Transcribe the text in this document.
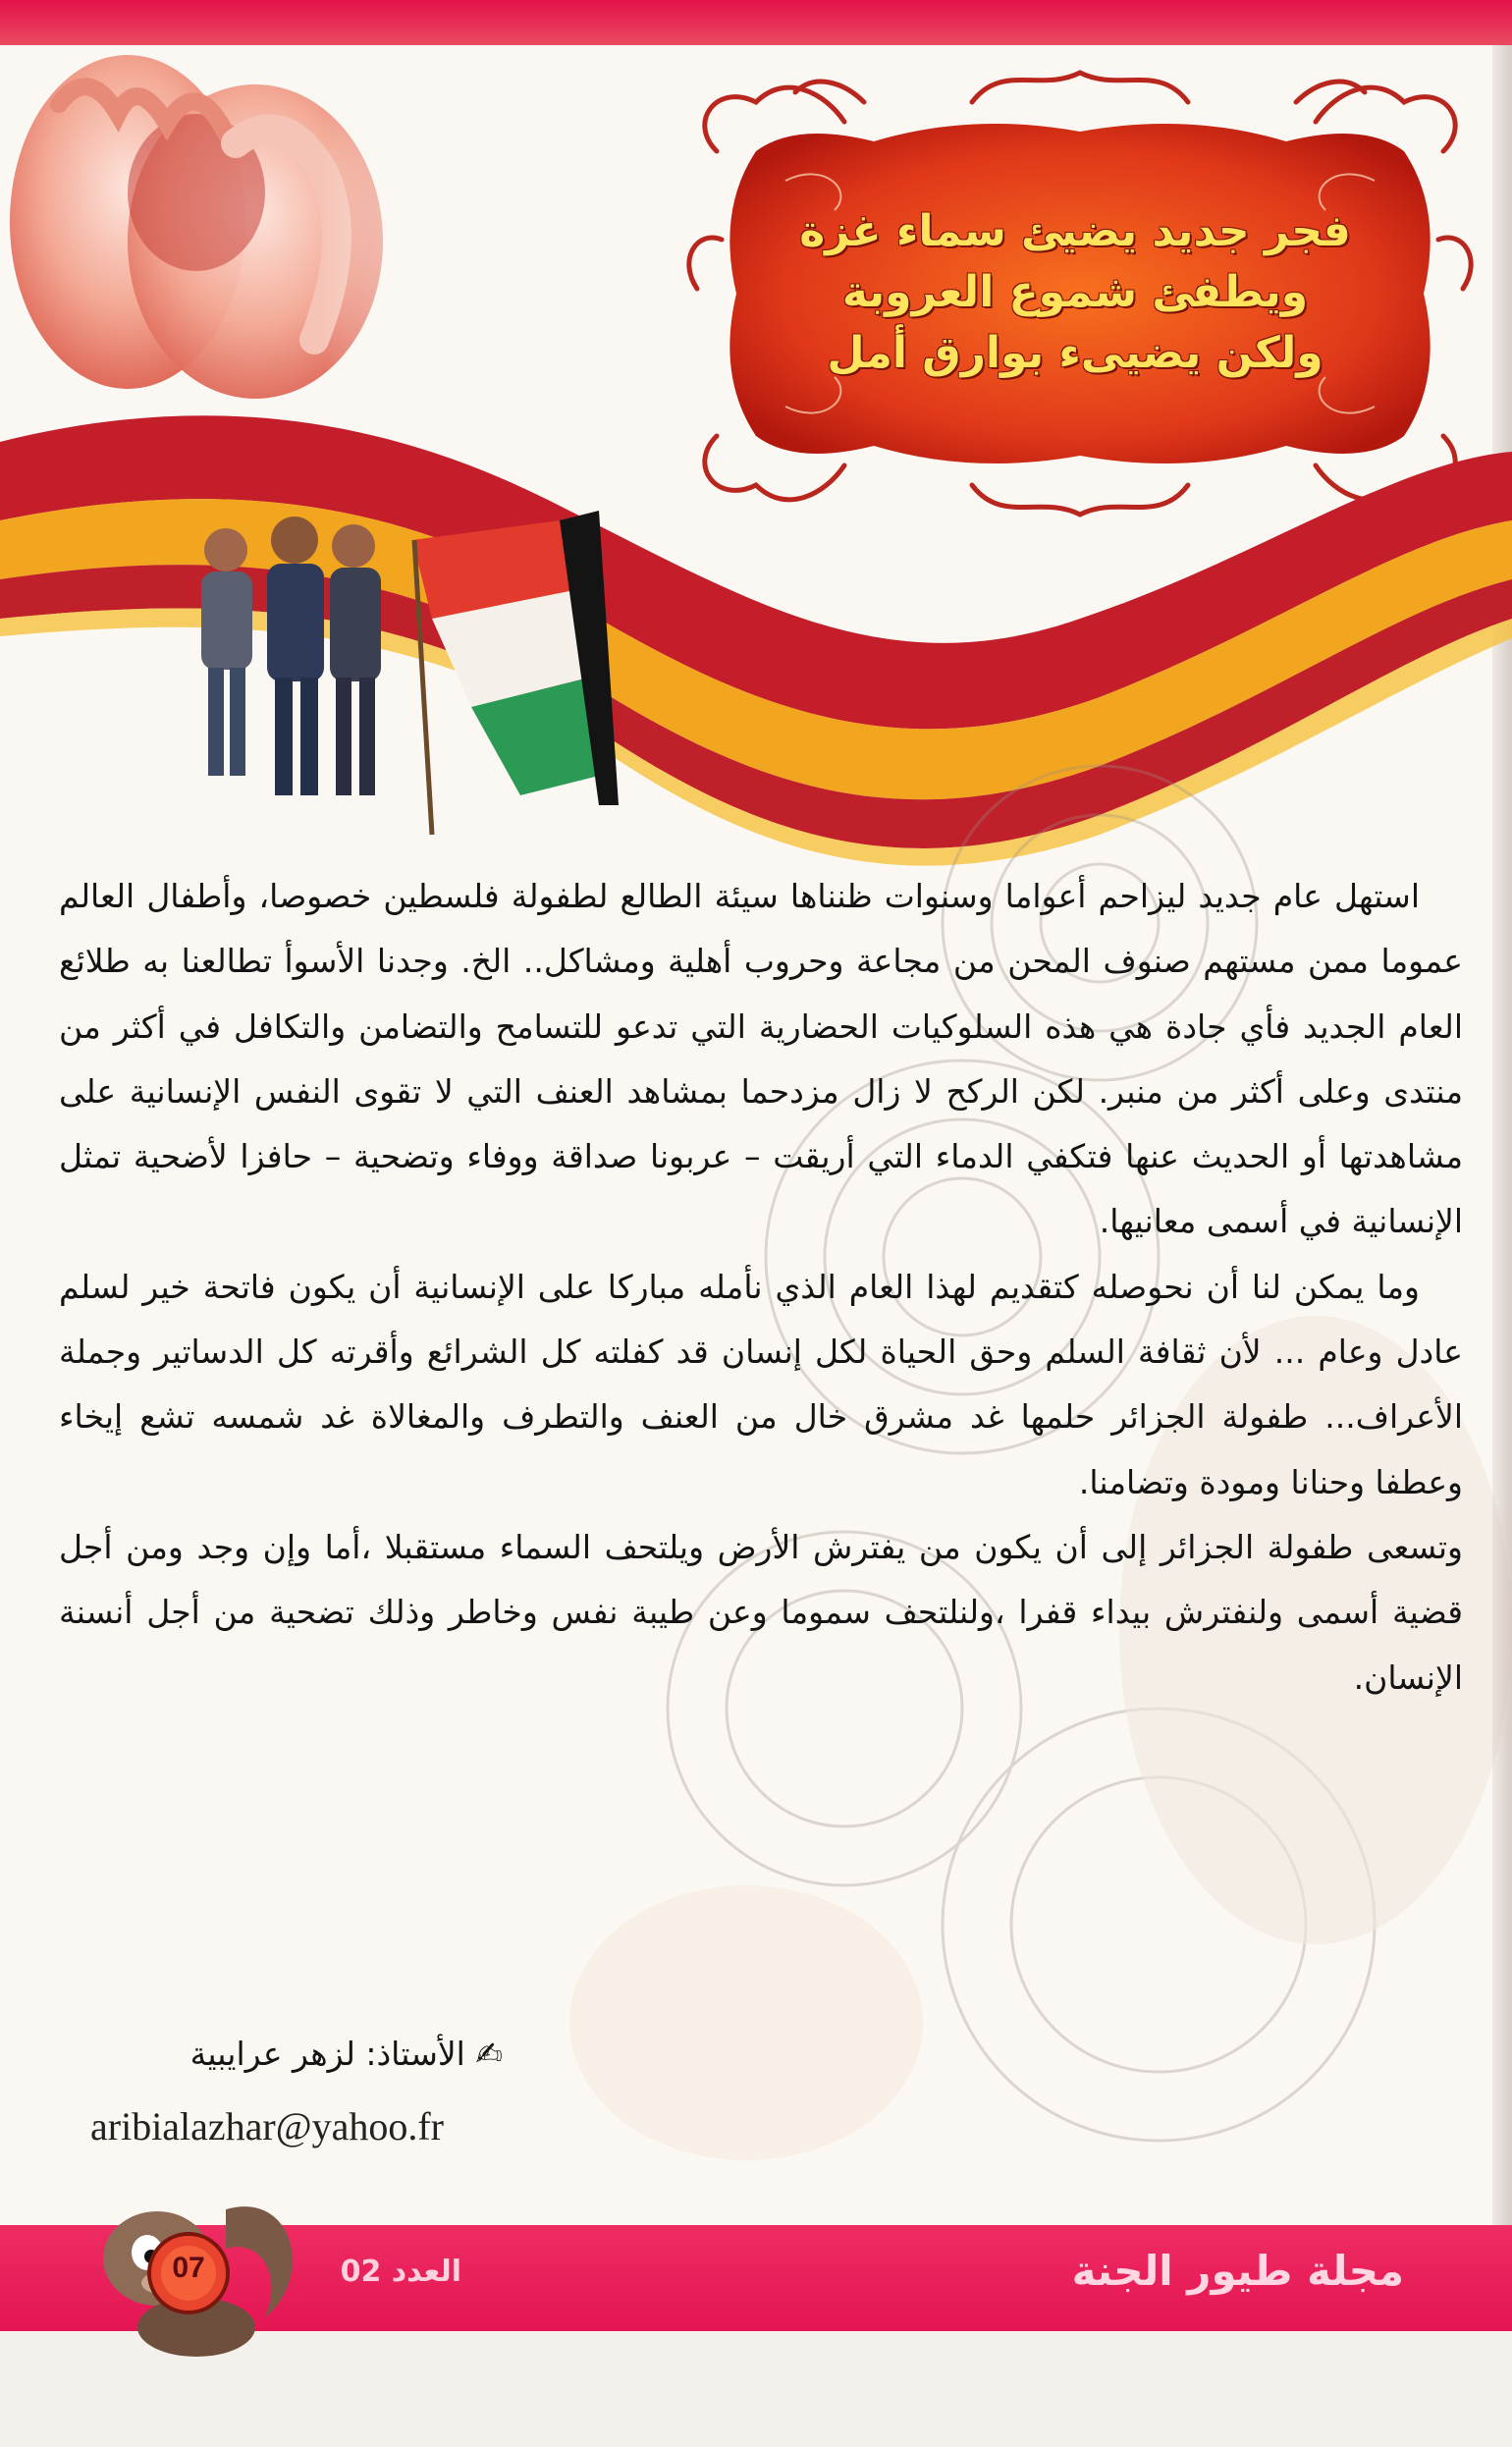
فجر جديد يضيئ سماء غزة
ويطفئ شموع العروبة
ولكن يضيىء بوارق أمل

استهل عام جديد ليزاحم أعواما وسنوات ظنناها سيئة الطالع لطفولة فلسطين خصوصا، وأطفال العالم عموما ممن مستهم صنوف المحن من مجاعة وحروب أهلية ومشاكل.. الخ. وجدنا الأسوأ تطالعنا به طلائع العام الجديد فأي جادة هي هذه السلوكيات الحضارية التي تدعو للتسامح والتضامن والتكافل في أكثر من منتدى وعلى أكثر من منبر. لكن الركح لا زال مزدحما بمشاهد العنف التي لا تقوى النفس الإنسانية على مشاهدتها أو الحديث عنها فتكفي الدماء التي أريقت – عربونا صداقة ووفاء وتضحية – حافزا لأضحية تمثل الإنسانية في أسمى معانيها.

وما يمكن لنا أن نحوصله كتقديم لهذا العام الذي نأمله مباركا على الإنسانية أن يكون فاتحة خير لسلم عادل وعام ... لأن ثقافة السلم وحق الحياة لكل إنسان قد كفلته كل الشرائع وأقرته كل الدساتير وجملة الأعراف... طفولة الجزائر حلمها غد مشرق خال من العنف والتطرف والمغالاة غد شمسه تشع إيخاء وعطفا وحنانا ومودة وتضامنا.

وتسعى طفولة الجزائر إلى أن يكون من يفترش الأرض ويلتحف السماء مستقبلا ،أما وإن وجد ومن أجل قضية أسمى ولنفترش بيداء قفرا ،ولنلتحف سموما وعن طيبة نفس وخاطر وذلك تضحية من أجل أنسنة الإنسان.

✍ الأستاذ: لزهر عرايبية
aribialazhar@yahoo.fr
مجلة طيور الجنة
العدد 02
07
